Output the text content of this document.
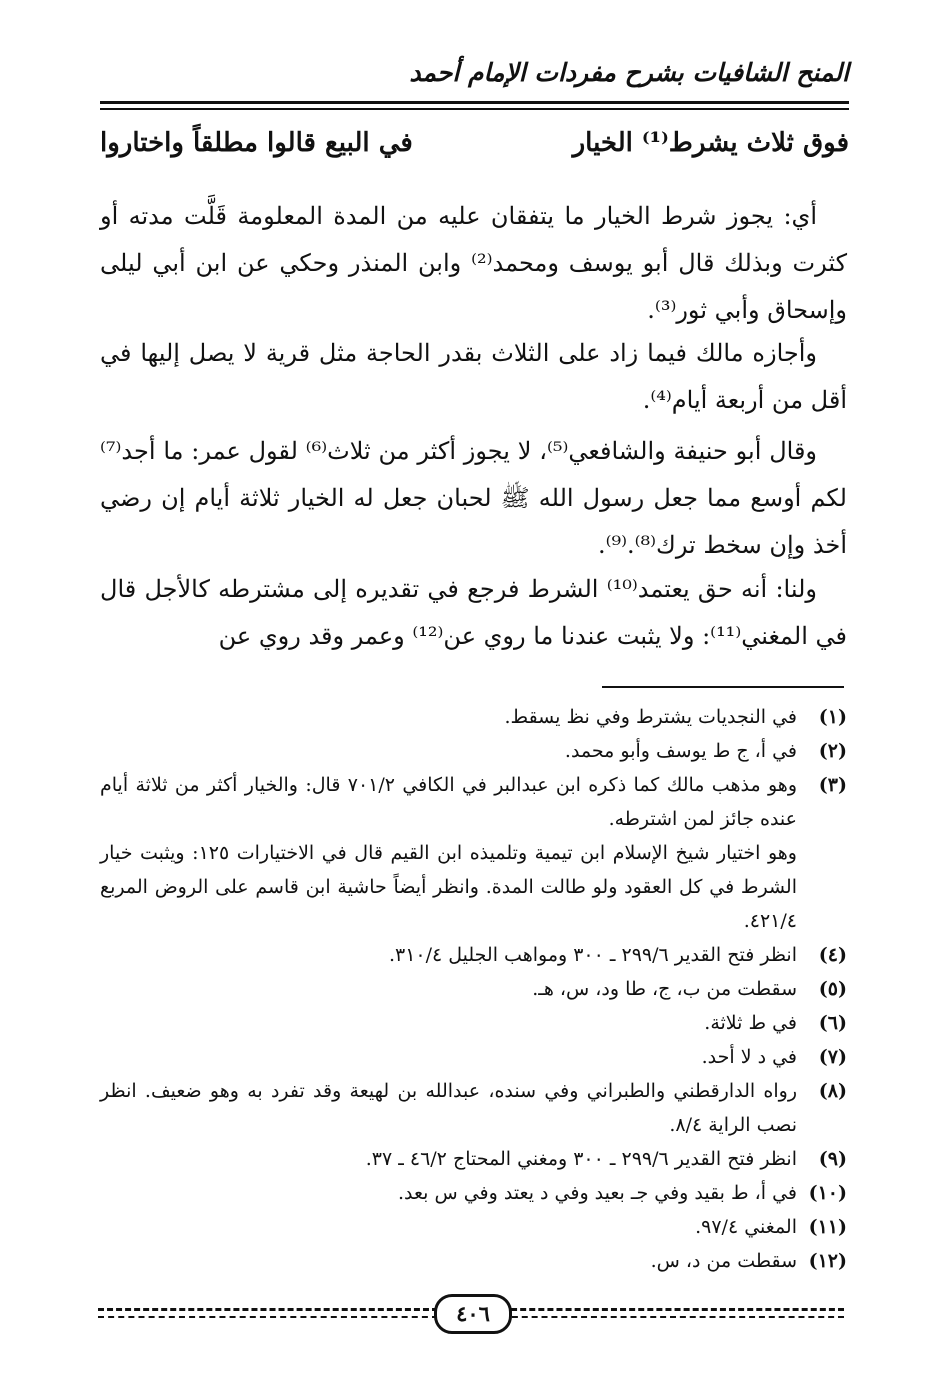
المنح الشافيات بشرح مفردات الإمام أحمد
فوق ثلاث يشرط⁽¹⁾ الخيار
في البيع قالوا مطلقاً واختاروا

أي: يجوز شرط الخيار ما يتفقان عليه من المدة المعلومة قَلَّت مدته أو كثرت وبذلك قال أبو يوسف ومحمد⁽²⁾ وابن المنذر وحكي عن ابن أبي ليلى وإسحاق وأبي ثور⁽³⁾.

وأجازه مالك فيما زاد على الثلاث بقدر الحاجة مثل قرية لا يصل إليها في أقل من أربعة أيام⁽⁴⁾.

وقال أبو حنيفة والشافعي⁽⁵⁾، لا يجوز أكثر من ثلاث⁽⁶⁾ لقول عمر: ما أجد⁽⁷⁾ لكم أوسع مما جعل رسول الله ﷺ لحبان جعل له الخيار ثلاثة أيام إن رضي أخذ وإن سخط ترك⁽⁸⁾.⁽⁹⁾.

ولنا: أنه حق يعتمد⁽¹⁰⁾ الشرط فرجع في تقديره إلى مشترطه كالأجل قال في المغني⁽¹¹⁾: ولا يثبت عندنا ما روي عن⁽¹²⁾ وعمر وقد روي عن

(١)
في النجديات يشترط وفي نظ يسقط.
(٢)
في أ، ج ط يوسف وأبو محمد.
(٣)
وهو مذهب مالك كما ذكره ابن عبدالبر في الكافي ٧٠١/٢ قال: والخيار أكثر من ثلاثة أيام عنده جائز لمن اشترطه.
وهو اختيار شيخ الإسلام ابن تيمية وتلميذه ابن القيم قال في الاختيارات ١٢٥: ويثبت خيار الشرط في كل العقود ولو طالت المدة. وانظر أيضاً حاشية ابن قاسم على الروض المربع ٤٢١/٤.
(٤)
انظر فتح القدير ٢٩٩/٦ ـ ٣٠٠ ومواهب الجليل ٣١٠/٤.
(٥)
سقطت من ب، ج، طا ود، س، هـ.
(٦)
في ط ثلاثة.
(٧)
في د لا أحد.
(٨)
رواه الدارقطني والطبراني وفي سنده، عبدالله بن لهيعة وقد تفرد به وهو ضعيف. انظر نصب الراية ٨/٤.
(٩)
انظر فتح القدير ٢٩٩/٦ ـ ٣٠٠ ومغني المحتاج ٤٦/٢ ـ ٣٧.
(١٠)
في أ، ط بقيد وفي جـ بعيد وفي د يعتد وفي س بعد.
(١١)
المغني ٩٧/٤.
(١٢)
سقطت من د، س.
٤٠٦
